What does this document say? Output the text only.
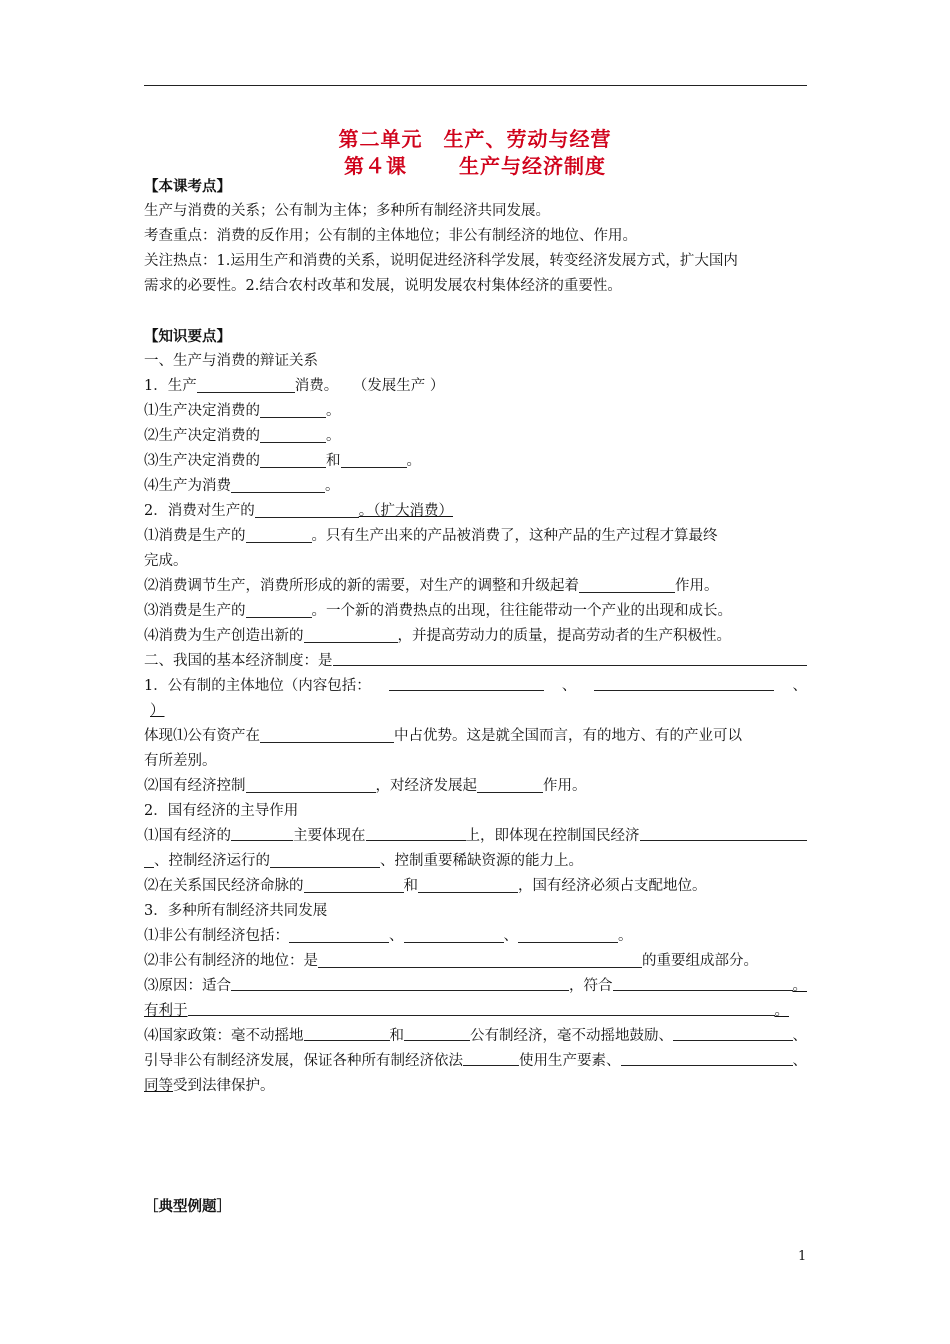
第二单元　生产、劳动与经营
第４课	生产与经济制度

【本课考点】

生产与消费的关系；公有制为主体；多种所有制经济共同发展。

考查重点：消费的反作用；公有制的主体地位；非公有制经济的地位、作用。

关注热点：1.运用生产和消费的关系，说明促进经济科学发展，转变经济发展方式，扩大国内

需求的必要性。2.结合农村改革和发展，说明发展农村集体经济的重要性。

【知识要点】

一、生产与消费的辩证关系

1．生产	消费。　　（发展生产 ）

⑴生产决定消费的	。

⑵生产决定消费的	。

⑶生产决定消费的	和	。

⑷生产为消费	。

2．消费对生产的	。（扩大消费）

⑴消费是生产的	。只有生产出来的产品被消费了，这种产品的生产过程才算最终

完成。

⑵消费调节生产，消费所形成的新的需要，对生产的调整和升级起着	作用。

⑶消费是生产的	。一个新的消费热点的出现，往往能带动一个产业的出现和成长。

⑷消费为生产创造出新的	，并提高劳动力的质量，提高劳动者的生产积极性。

二、我国的基本经济制度：是

1．公有制的主体地位（内容包括：	、	、

）

体现⑴公有资产在	中占优势。这是就全国而言，有的地方、有的产业可以

有所差别。

⑵国有经济控制	，对经济发展起	作用。

2．国有经济的主导作用

⑴国有经济的	主要体现在	上，即体现在控制国民经济

、控制经济运行的	、控制重要稀缺资源的能力上。

⑵在关系国民经济命脉的	和	，国有经济必须占支配地位。

3．多种所有制经济共同发展

⑴非公有制经济包括：	、	、	。

⑵非公有制经济的地位：是	的重要组成部分。

⑶原因：适合	，符合	。

有利于	。

⑷国家政策：毫不动摇地	和	公有制经济，毫不动摇地鼓励、	、

引导非公有制经济发展，保证各种所有制经济依法	使用生产要素、	、

同等受到法律保护。

［典型例题］

1
